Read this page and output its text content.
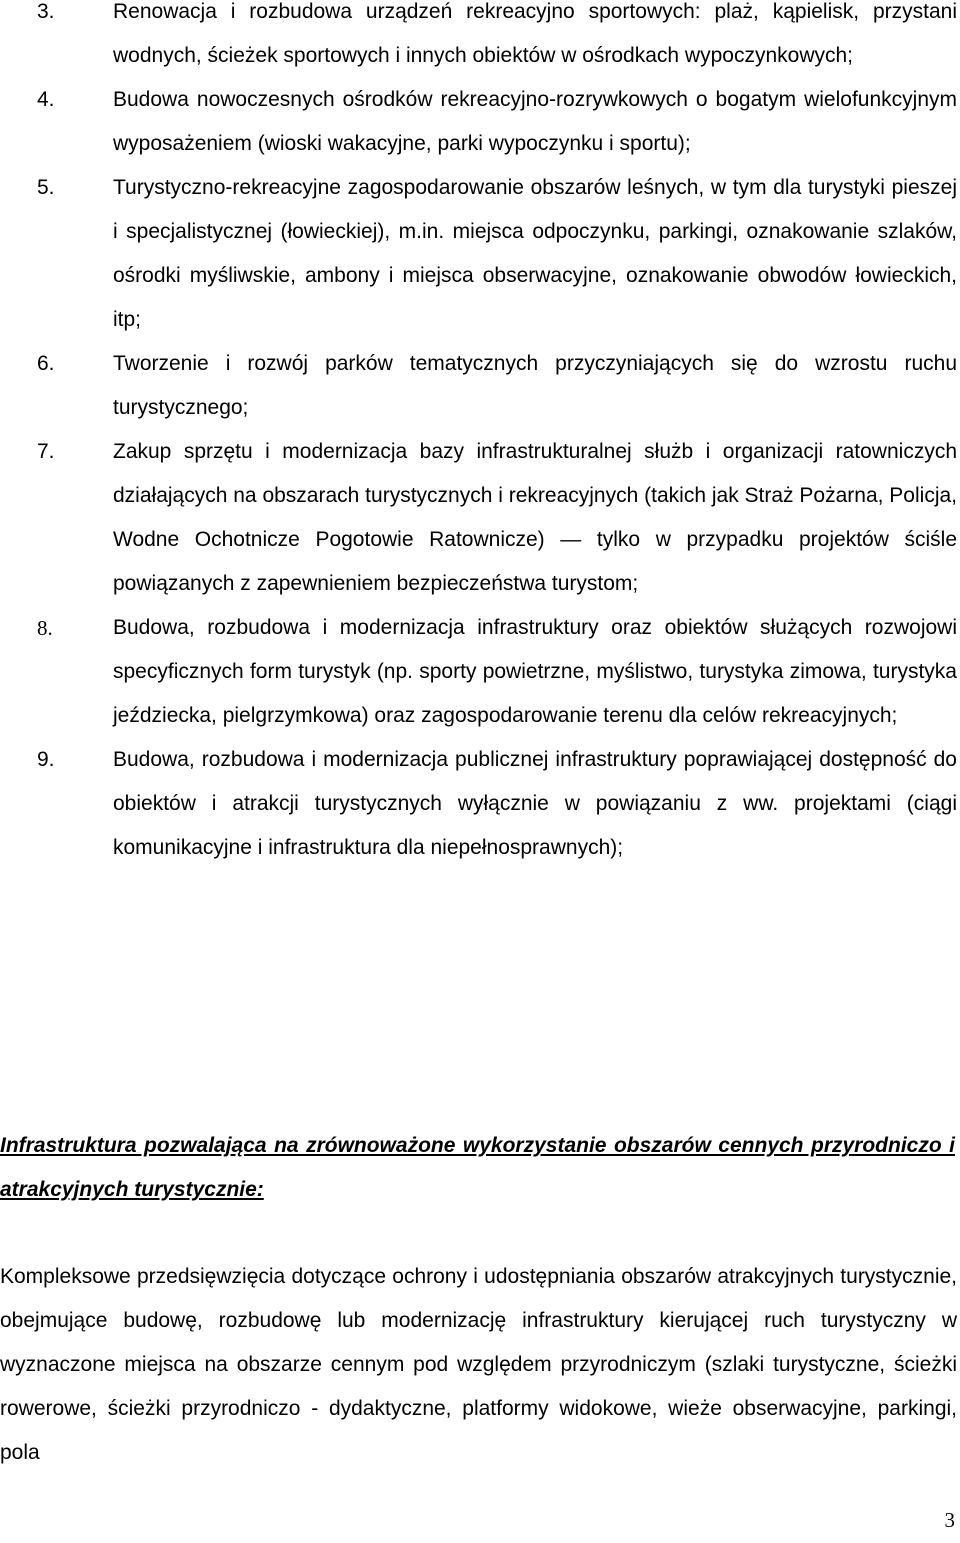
3.	Renowacja i rozbudowa urządzeń rekreacyjno sportowych: plaż, kąpielisk, przystani wodnych, ścieżek sportowych i innych obiektów w ośrodkach wypoczynkowych;
4.	Budowa nowoczesnych ośrodków rekreacyjno-rozrywkowych o bogatym wielofunkcyjnym wyposażeniem (wioski wakacyjne, parki wypoczynku i sportu);
5.	Turystyczno-rekreacyjne zagospodarowanie obszarów leśnych, w tym dla turystyki pieszej i specjalistycznej (łowieckiej), m.in. miejsca odpoczynku, parkingi, oznakowanie szlaków, ośrodki myśliwskie, ambony i miejsca obserwacyjne, oznakowanie obwodów łowieckich, itp;
6.	Tworzenie i rozwój parków tematycznych przyczyniających się do wzrostu ruchu turystycznego;
7.	Zakup sprzętu i modernizacja bazy infrastrukturalnej służb i organizacji ratowniczych działających na obszarach turystycznych i rekreacyjnych (takich jak Straż Pożarna, Policja, Wodne Ochotnicze Pogotowie Ratownicze) — tylko w przypadku projektów ściśle powiązanych z zapewnieniem bezpieczeństwa turystom;
8.	Budowa, rozbudowa i modernizacja infrastruktury oraz obiektów służących rozwojowi specyficznych form turystyk (np. sporty powietrzne, myślistwo, turystyka zimowa, turystyka jeździecka, pielgrzymkowa) oraz zagospodarowanie terenu dla celów rekreacyjnych;
9.	Budowa, rozbudowa i modernizacja publicznej infrastruktury poprawiającej dostępność do obiektów i atrakcji turystycznych wyłącznie w powiązaniu z ww. projektami (ciągi komunikacyjne i infrastruktura dla niepełnosprawnych);
Infrastruktura pozwalająca na zrównoważone wykorzystanie obszarów cennych przyrodniczo i atrakcyjnych turystycznie:
Kompleksowe przedsięwzięcia dotyczące ochrony i udostępniania obszarów atrakcyjnych turystycznie, obejmujące budowę, rozbudowę lub modernizację infrastruktury kierującej ruch turystyczny w wyznaczone miejsca na obszarze cennym pod względem przyrodniczym (szlaki turystyczne, ścieżki rowerowe, ścieżki przyrodniczo - dydaktyczne, platformy widokowe, wieże obserwacyjne, parkingi, pola
3
